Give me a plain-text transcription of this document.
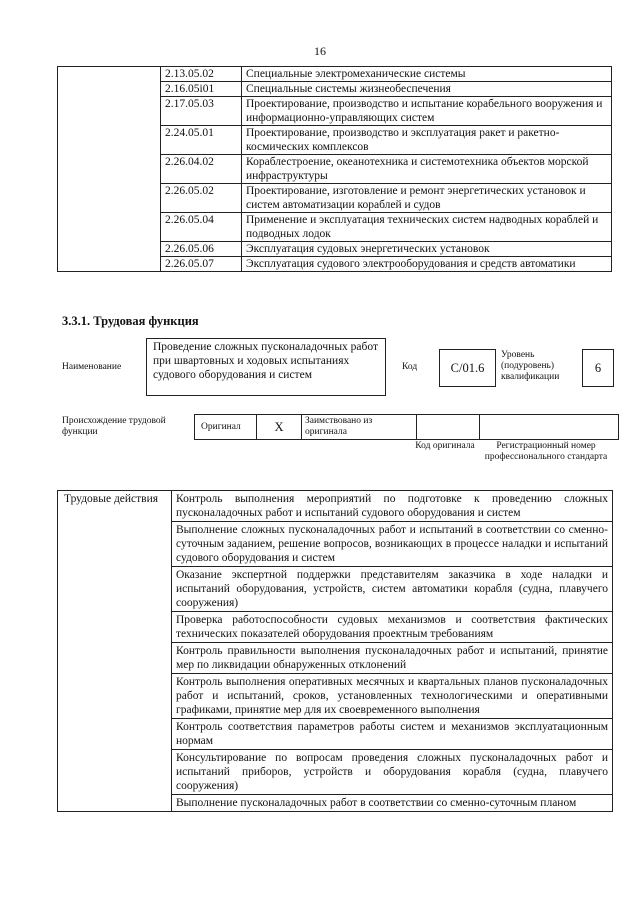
16
	2.13.05.02	Специальные электромеханические системы
	2.16.05i01	Специальные системы жизнеобеспечения
	2.17.05.03	Проектирование, производство и испытание корабельного вооружения и информационно-управляющих систем
	2.24.05.01	Проектирование, производство и эксплуатация ракет и ракетно-космических комплексов
	2.26.04.02	Кораблестроение, океанотехника и системотехника объектов морской инфраструктуры
	2.26.05.02	Проектирование, изготовление и ремонт энергетических установок и систем автоматизации кораблей и судов
	2.26.05.04	Применение и эксплуатация технических систем надводных кораблей и подводных лодок
	2.26.05.06	Эксплуатация судовых энергетических установок
	2.26.05.07	Эксплуатация судового электрооборудования и средств автоматики
3.3.1. Трудовая функция
Наименование
Проведение сложных пусконаладочных работ при швартовных и ходовых испытаниях судового оборудования и систем
Код	C/01.6
Уровень (подуровень) квалификации
6
Происхождение трудовой функции
Оригинал	X	Заимствовано из оригинала		
Код оригинала	Регистрационный номер профессионального стандарта
Трудовые действия	Контроль выполнения мероприятий по подготовке к проведению сложных пусконаладочных работ и испытаний судового оборудования и систем
Выполнение сложных пусконаладочных работ и испытаний в соответствии со сменно-суточным заданием, решение вопросов, возникающих в процессе наладки и испытаний судового оборудования и систем
Оказание экспертной поддержки представителям заказчика в ходе наладки и испытаний оборудования, устройств, систем автоматики корабля (судна, плавучего сооружения)
Проверка работоспособности судовых механизмов и соответствия фактических технических показателей оборудования проектным требованиям
Контроль правильности выполнения пусконаладочных работ и испытаний, принятие мер по ликвидации обнаруженных отклонений
Контроль выполнения оперативных месячных и квартальных планов пусконаладочных работ и испытаний, сроков, установленных технологическими и оперативными графиками, принятие мер для их своевременного выполнения
Контроль соответствия параметров работы систем и механизмов эксплуатационным нормам
Консультирование по вопросам проведения сложных пусконаладочных работ и испытаний приборов, устройств и оборудования корабля (судна, плавучего сооружения)
Выполнение пусконаладочных работ в соответствии со сменно-суточным планом
